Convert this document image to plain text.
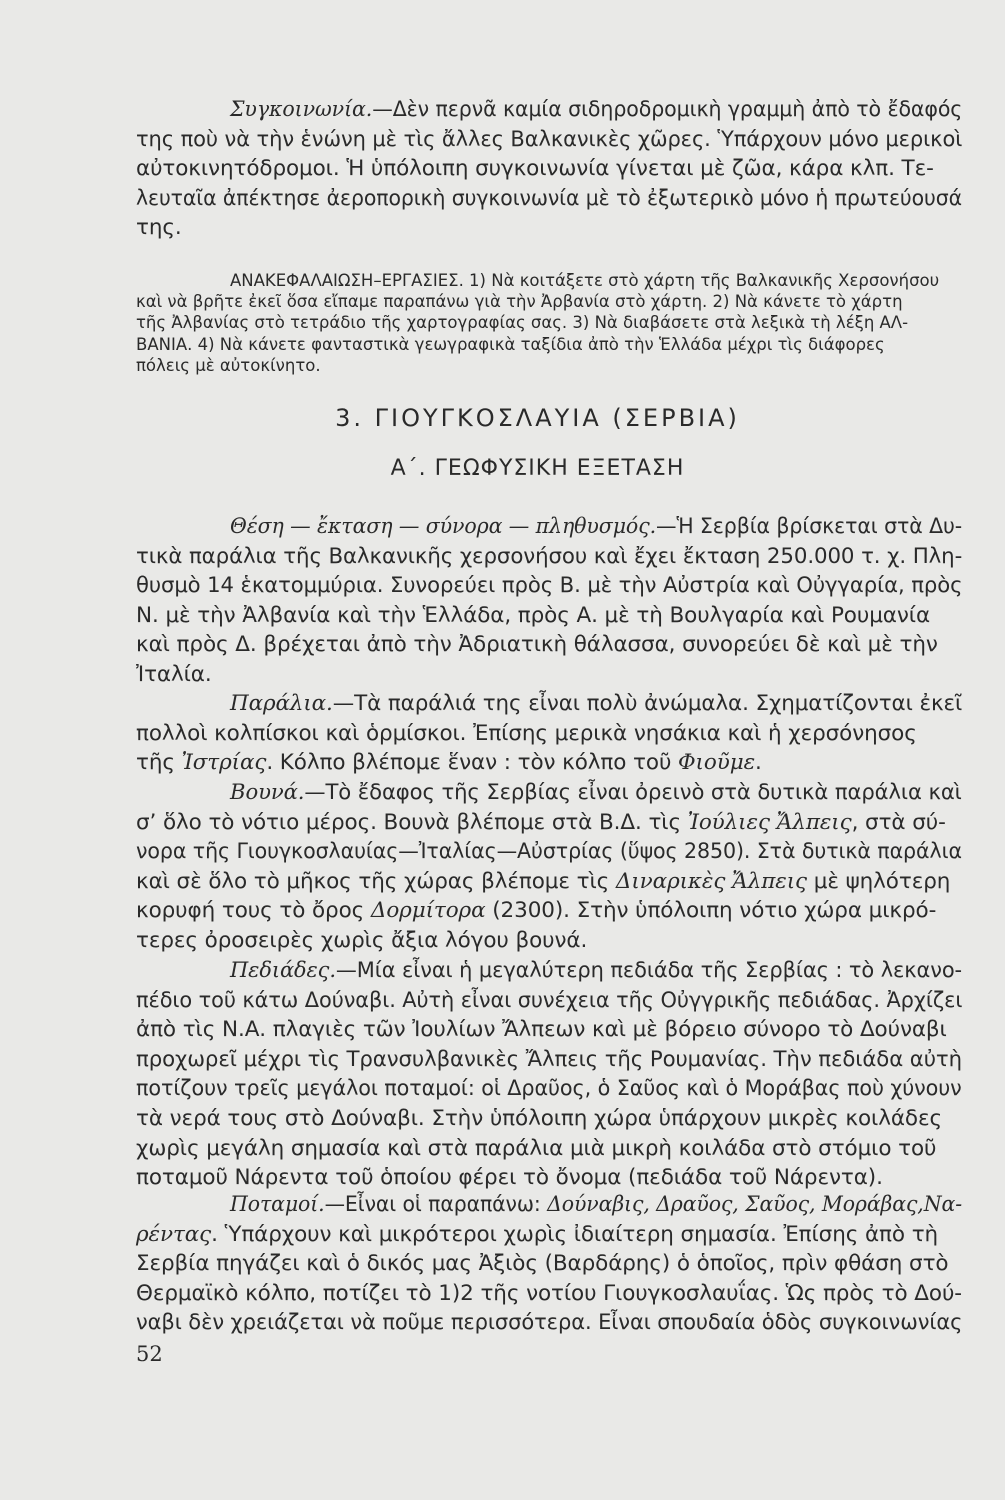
Συγκοινωνία.—Δὲν περνᾶ καμία σιδηροδρομικὴ γραμμὴ ἀπὸ τὸ ἔδαφός
της ποὺ νὰ τὴν ἑνώνη μὲ τὶς ἄλλες Βαλκανικὲς χῶρες. Ὑπάρχουν μόνο μερικοὶ
αὐτοκινητόδρομοι. Ἡ ὑπόλοιπη συγκοινωνία γίνεται μὲ ζῶα, κάρα κλπ. Τε-
λευταῖα ἀπέκτησε ἀεροπορικὴ συγκοινωνία μὲ τὸ ἐξωτερικὸ μόνο ἡ πρωτεύουσά
της.

ΑΝΑΚΕΦΑΛΑΙΩΣΗ–ΕΡΓΑΣΙΕΣ. 1) Νὰ κοιτάξετε στὸ χάρτη τῆς Βαλκανικῆς Χερσονήσου
καὶ νὰ βρῆτε ἐκεῖ ὅσα εἴπαμε παραπάνω γιὰ τὴν Ἀρβανία στὸ χάρτη. 2) Νὰ κάνετε τὸ χάρτη
τῆς Ἀλβανίας στὸ τετράδιο τῆς χαρτογραφίας σας. 3) Νὰ διαβάσετε στὰ λεξικὰ τὴ λέξη ΑΛ-
ΒΑΝΙΑ. 4) Νὰ κάνετε φανταστικὰ γεωγραφικὰ ταξίδια ἀπὸ τὴν Ἑλλάδα μέχρι τὶς διάφορες
πόλεις μὲ αὐτοκίνητο.

3. ΓΙΟΥΓΚΟΣΛΑΥΙΑ (ΣΕΡΒΙΑ)
Α΄. ΓΕΩΦΥΣΙΚΗ ΕΞΕΤΑΣΗ

Θέση — ἔκταση — σύνορα — πληθυσμός.—Ἡ Σερβία βρίσκεται στὰ Δυ-
τικὰ παράλια τῆς Βαλκανικῆς χερσονήσου καὶ ἔχει ἔκταση 250.000 τ. χ. Πλη-
θυσμὸ 14 ἑκατομμύρια. Συνορεύει πρὸς Β. μὲ τὴν Αὐστρία καὶ Οὐγγαρία, πρὸς
Ν. μὲ τὴν Ἀλβανία καὶ τὴν Ἑλλάδα, πρὸς Α. μὲ τὴ Βουλγαρία καὶ Ρουμανία
καὶ πρὸς Δ. βρέχεται ἀπὸ τὴν Ἀδριατικὴ θάλασσα, συνορεύει δὲ καὶ μὲ τὴν
Ἰταλία.

Παράλια.—Τὰ παράλιά της εἶναι πολὺ ἀνώμαλα. Σχηματίζονται ἐκεῖ
πολλοὶ κολπίσκοι καὶ ὁρμίσκοι. Ἐπίσης μερικὰ νησάκια καὶ ἡ χερσόνησος
τῆς Ἰστρίας. Κόλπο βλέπομε ἕναν : τὸν κόλπο τοῦ Φιοῦμε.

Βουνά.—Τὸ ἔδαφος τῆς Σερβίας εἶναι ὀρεινὸ στὰ δυτικὰ παράλια καὶ
σ’ ὅλο τὸ νότιο μέρος. Βουνὰ βλέπομε στὰ Β.Δ. τὶς Ἰούλιες Ἄλπεις, στὰ σύ-
νορα τῆς Γιουγκοσλαυίας—Ἰταλίας—Αὐστρίας (ὕψος 2850). Στὰ δυτικὰ παράλια
καὶ σὲ ὅλο τὸ μῆκος τῆς χώρας βλέπομε τὶς Διναρικὲς Ἄλπεις μὲ ψηλότερη
κορυφή τους τὸ ὄρος Δορμίτορα (2300). Στὴν ὑπόλοιπη νότιο χώρα μικρό-
τερες ὀροσειρὲς χωρὶς ἄξια λόγου βουνά.

Πεδιάδες.—Μία εἶναι ἡ μεγαλύτερη πεδιάδα τῆς Σερβίας : τὸ λεκανο-
πέδιο τοῦ κάτω Δούναβι. Αὐτὴ εἶναι συνέχεια τῆς Οὐγγρικῆς πεδιάδας. Ἀρχίζει
ἀπὸ τὶς Ν.Α. πλαγιὲς τῶν Ἰουλίων Ἄλπεων καὶ μὲ βόρειο σύνορο τὸ Δούναβι
προχωρεῖ μέχρι τὶς Τρανσυλβανικὲς Ἄλπεις τῆς Ρουμανίας. Τὴν πεδιάδα αὐτὴ
ποτίζουν τρεῖς μεγάλοι ποταμοί: οἱ Δραῦος, ὁ Σαῦος καὶ ὁ Μοράβας ποὺ χύνουν
τὰ νερά τους στὸ Δούναβι. Στὴν ὑπόλοιπη χώρα ὑπάρχουν μικρὲς κοιλάδες
χωρὶς μεγάλη σημασία καὶ στὰ παράλια μιὰ μικρὴ κοιλάδα στὸ στόμιο τοῦ
ποταμοῦ Νάρεντα τοῦ ὁποίου φέρει τὸ ὄνομα (πεδιάδα τοῦ Νάρεντα).

Ποταμοί.—Εἶναι οἱ παραπάνω: Δούναβις, Δραῦος, Σαῦος, Μοράβας,Να-
ρέντας. Ὑπάρχουν καὶ μικρότεροι χωρὶς ἰδιαίτερη σημασία. Ἐπίσης ἀπὸ τὴ
Σερβία πηγάζει καὶ ὁ δικός μας Ἀξιὸς (Βαρδάρης) ὁ ὁποῖος, πρὶν φθάση στὸ
Θερμαϊκὸ κόλπο, ποτίζει τὸ 1)2 τῆς νοτίου Γιουγκοσλαυΐας. Ὡς πρὸς τὸ Δού-
ναβι δὲν χρειάζεται νὰ ποῦμε περισσότερα. Εἶναι σπουδαία ὁδὸς συγκοινωνίας

52
